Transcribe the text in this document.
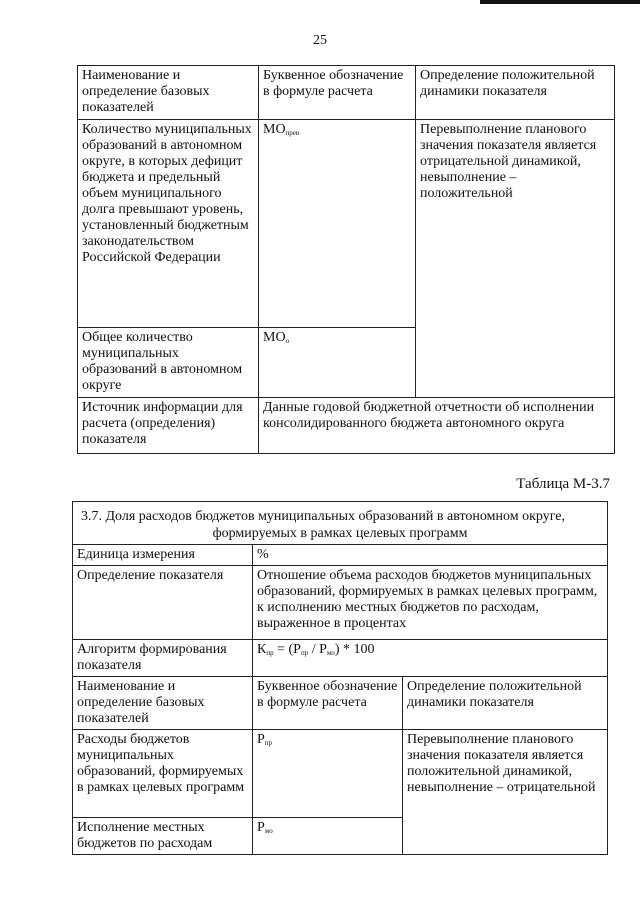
25
Наименование и определение базовых показателей	Буквенное обозначение в формуле расчета	Определение положительной динамики показателя
Количество муниципальных образований в автономном округе, в которых дефицит бюджета и предельный объем муниципального долга превышают уровень, установленный бюджетным законодательством Российской Федерации	$МО_{прев}$	Перевыполнение планового значения показателя является отрицательной динамикой, невыполнение – положительной
Общее количество муниципальных образований в автономном округе	$МО_о$
Источник информации для расчета (определения) показателя	Данные годовой бюджетной отчетности об исполнении консолидированного бюджета автономного округа	
Таблица М-3.7
3.7. Доля расходов бюджетов муниципальных образований в автономном округе,
формируемых в рамках целевых программ		

Единица измерения	%	
Определение показателя	Отношение объема расходов бюджетов муниципальных образований, формируемых в рамках целевых программ, к исполнению местных бюджетов по расходам, выраженное в процентах	
Алгоритм формирования показателя	$К_{пр} = (Р_{пр} / Р_{мо}) * 100$	
Наименование и определение базовых показателей	Буквенное обозначение в формуле расчета	Определение положительной динамики показателя
Расходы бюджетов муниципальных образований, формируемых в рамках целевых программ	$Р_{пр}$	Перевыполнение планового значения показателя является положительной динамикой, невыполнение – отрицательной
Исполнение местных бюджетов по расходам	$Р_{мо}$
